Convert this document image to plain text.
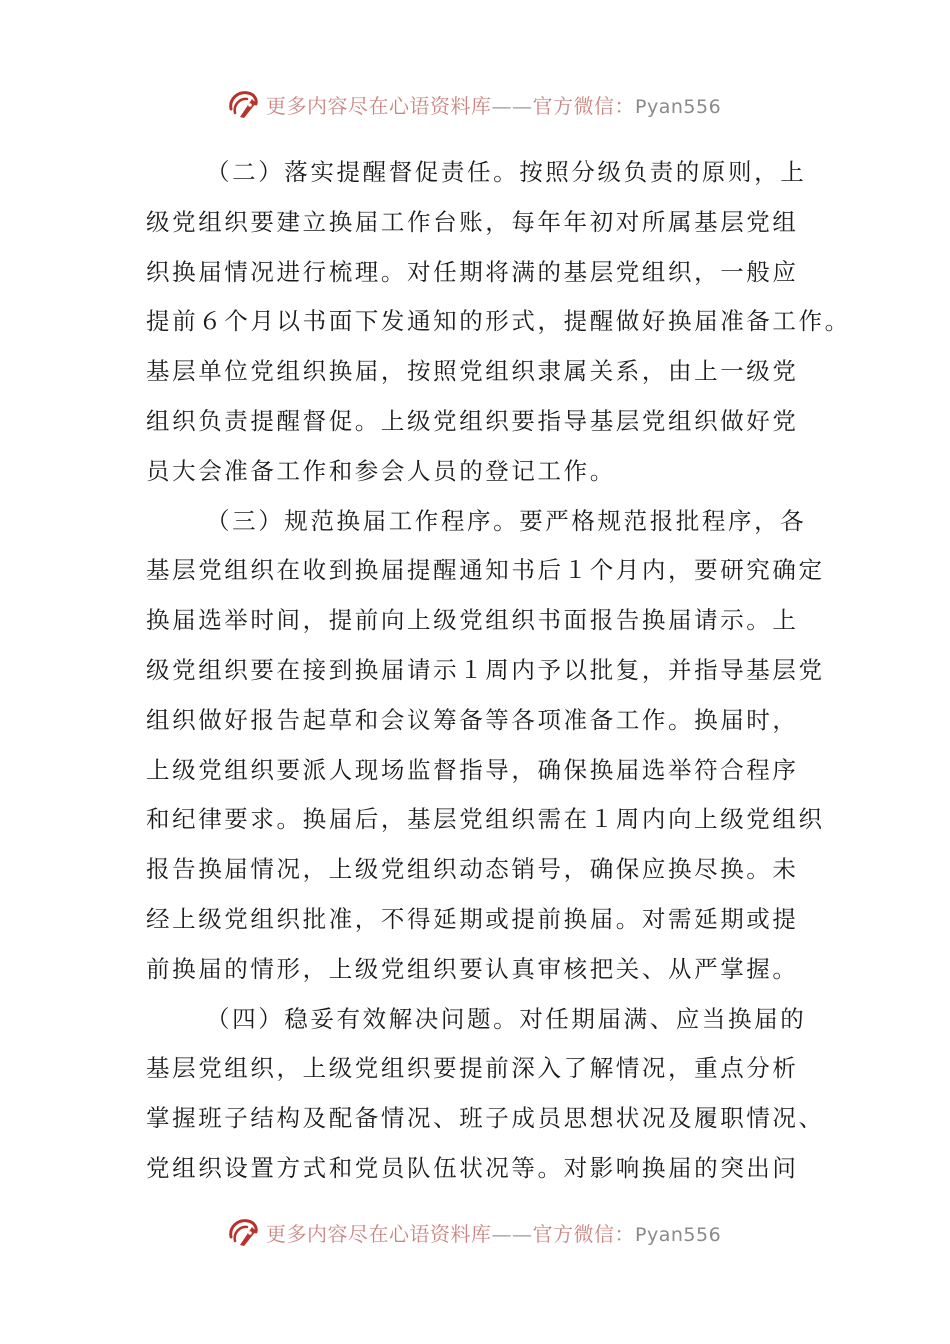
更多内容尽在心语资料库——官方微信：Pyan556
（二）落实提醒督促责任。按照分级负责的原则，上
级党组织要建立换届工作台账，每年年初对所属基层党组
织换届情况进行梳理。对任期将满的基层党组织，一般应
提前６个月以书面下发通知的形式，提醒做好换届准备工作。
基层单位党组织换届，按照党组织隶属关系，由上一级党
组织负责提醒督促。上级党组织要指导基层党组织做好党
员大会准备工作和参会人员的登记工作。
（三）规范换届工作程序。要严格规范报批程序，各
基层党组织在收到换届提醒通知书后１个月内，要研究确定
换届选举时间，提前向上级党组织书面报告换届请示。上
级党组织要在接到换届请示１周内予以批复，并指导基层党
组织做好报告起草和会议筹备等各项准备工作。换届时，
上级党组织要派人现场监督指导，确保换届选举符合程序
和纪律要求。换届后，基层党组织需在１周内向上级党组织
报告换届情况，上级党组织动态销号，确保应换尽换。未
经上级党组织批准，不得延期或提前换届。对需延期或提
前换届的情形，上级党组织要认真审核把关、从严掌握。
（四）稳妥有效解决问题。对任期届满、应当换届的
基层党组织，上级党组织要提前深入了解情况，重点分析
掌握班子结构及配备情况、班子成员思想状况及履职情况、
党组织设置方式和党员队伍状况等。对影响换届的突出问
更多内容尽在心语资料库——官方微信：Pyan556
